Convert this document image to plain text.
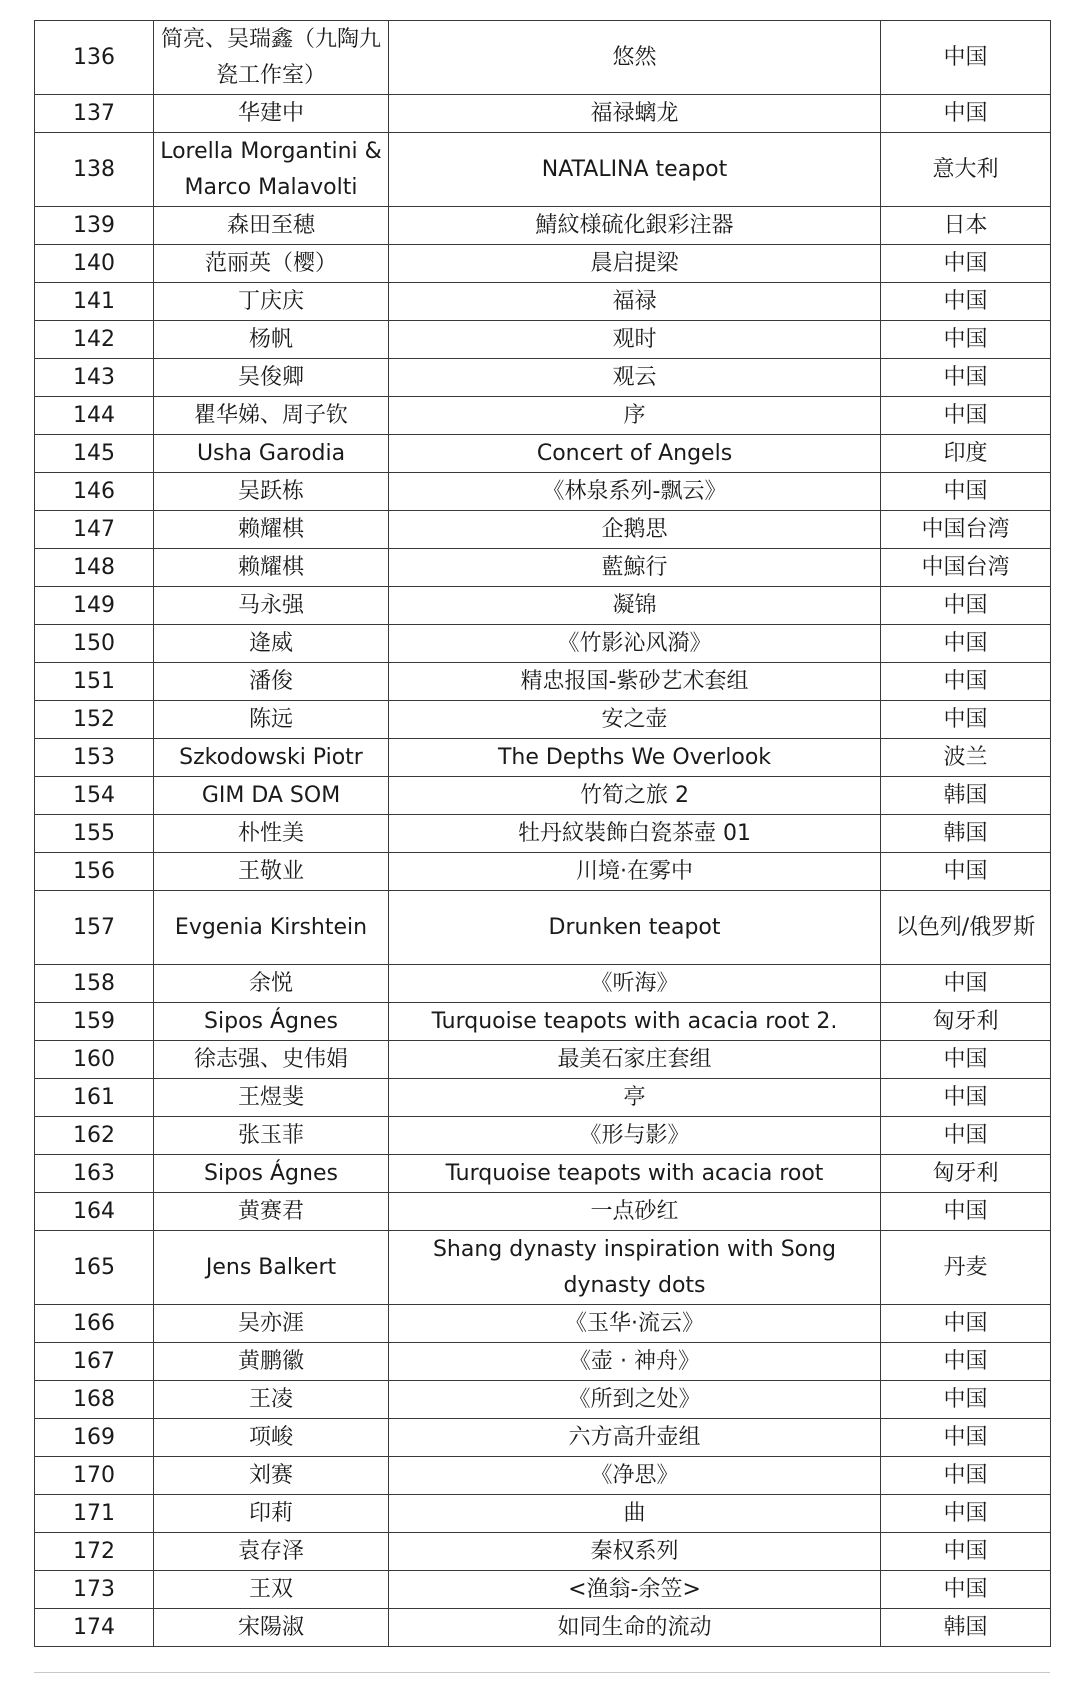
136	简亮、吴瑞鑫（九陶九瓷工作室）	悠然	中国
137	华建中	福禄螭龙	中国
138	Lorella Morgantini & Marco Malavolti	NATALINA teapot	意大利
139	森田至穂	鯖紋様硫化銀彩注器	日本
140	范丽英（樱）	晨启提梁	中国
141	丁庆庆	福禄	中国
142	杨帆	观时	中国
143	吴俊卿	观云	中国
144	瞿华娣、周子钦	序	中国
145	Usha Garodia	Concert of Angels	印度
146	吴跃栋	《林泉系列-飘云》	中国
147	赖耀棋	企鹅思	中国台湾
148	赖耀棋	藍鯨行	中国台湾
149	马永强	凝锦	中国
150	逄威	《竹影沁风漪》	中国
151	潘俊	精忠报国-紫砂艺术套组	中国
152	陈远	安之壶	中国
153	Szkodowski Piotr	The Depths We Overlook	波兰
154	GIM DA SOM	竹筍之旅 2	韩国
155	朴性美	牡丹紋裝飾白瓷茶壺 01	韩国
156	王敬业	川境·在雾中	中国
157	Evgenia Kirshtein	Drunken teapot	以色列/俄罗斯
158	余悦	《听海》	中国
159	Sipos Ágnes	Turquoise teapots with acacia root 2.	匈牙利
160	徐志强、史伟娟	最美石家庄套组	中国
161	王煜斐	亭	中国
162	张玉菲	《形与影》	中国
163	Sipos Ágnes	Turquoise teapots with acacia root	匈牙利
164	黄赛君	一点砂红	中国
165	Jens Balkert	Shang dynasty inspiration with Song dynasty dots	丹麦
166	吴亦涯	《玉华·流云》	中国
167	黄鹏徽	《壶 · 神舟》	中国
168	王凌	《所到之处》	中国
169	项峻	六方高升壶组	中国
170	刘赛	《净思》	中国
171	印莉	曲	中国
172	袁存泽	秦权系列	中国
173	王双	<渔翁-余笠>	中国
174	宋陽淑	如同生命的流动	韩国
